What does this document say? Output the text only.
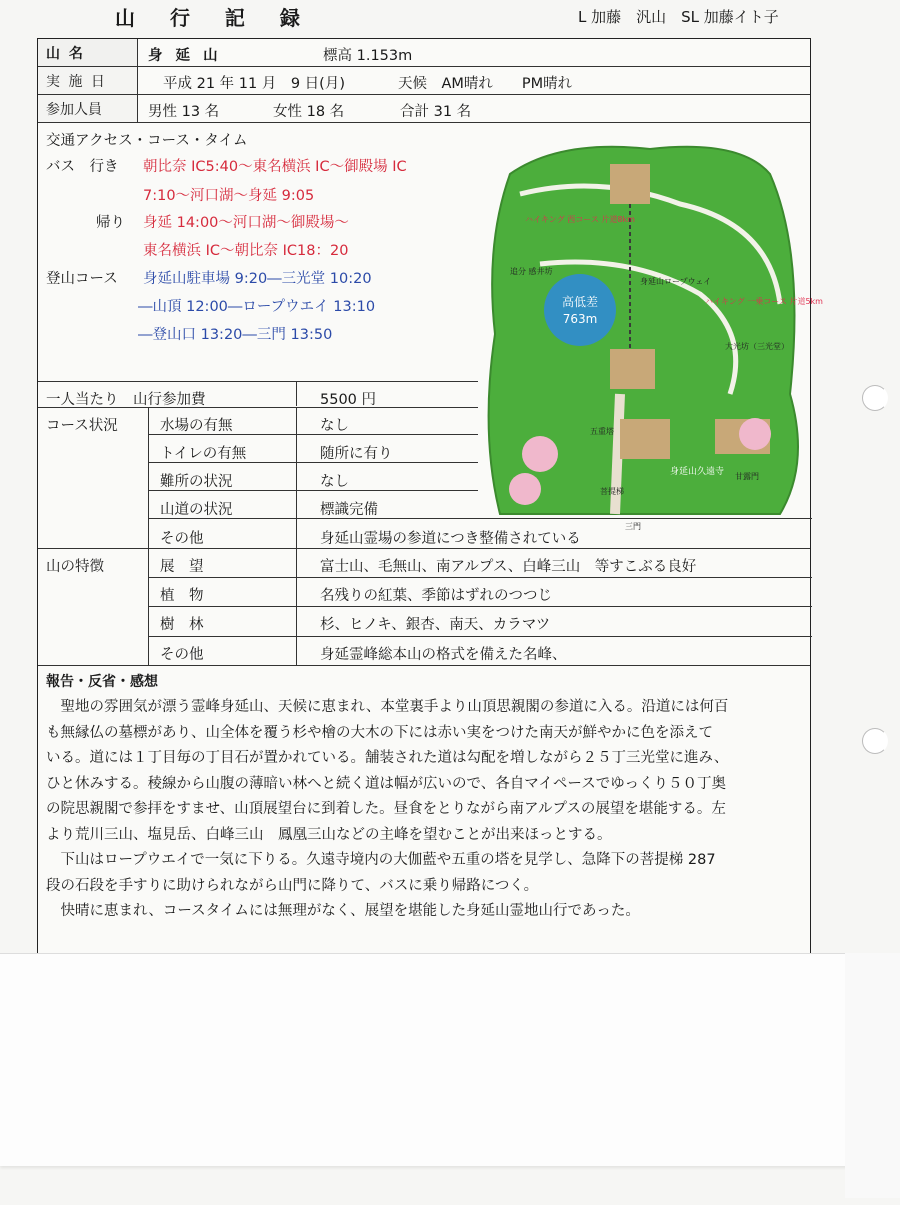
山 行 記 録	L 加藤　汎山　SL 加藤イト子
山 名	身 延 山	標高 1.153m
実 施 日	平成 21 年 11 月　9 日(月)	天候　AM晴れ　　PM晴れ
参加人員	男性 13 名	女性 18 名	合計 31 名
交通アクセス・コース・タイム
バス　行き 朝比奈 IC5:40～東名横浜 IC～御殿場 IC
7:10～河口湖～身延 9:05
帰り 身延 14:00～河口湖～御殿場～
東名横浜 IC～朝比奈 IC18：20
登山コース 身延山駐車場 9:20―三光堂 10:20
―山頂 12:00―ロープウエイ 13:10
―登山口 13:20―三門 13:50
高低差
763m
ハイキング 西コース 片道8km
ハイキング 一乗コース 片道5km
身延山ロープウェイ
身延山久遠寺
三門
五重塔
大光坊（三光堂）
追分 感井坊
菩提梯
甘露門
一人当たり　山行参加費	5500 円
コース状況	水場の有無	なし
トイレの有無	随所に有り
難所の状況	なし
山道の状況	標識完備
その他	身延山霊場の参道につき整備されている
山の特徴	展　望	富士山、毛無山、南アルプス、白峰三山　等すこぶる良好
植　物	名残りの紅葉、季節はずれのつつじ
樹　林	杉、ヒノキ、銀杏、南天、カラマツ
その他	身延霊峰総本山の格式を備えた名峰、
報告・反省・感想

聖地の雰囲気が漂う霊峰身延山、天候に恵まれ、本堂裏手より山頂思親閣の参道に入る。沿道には何百

も無縁仏の墓標があり、山全体を覆う杉や檜の大木の下には赤い実をつけた南天が鮮やかに色を添えて
いる。道には１丁目毎の丁目石が置かれている。舗装された道は勾配を増しながら２５丁三光堂に進み、
ひと休みする。稜線から山腹の薄暗い林へと続く道は幅が広いので、各自マイペースでゆっくり５０丁奥
の院思親閣で参拝をすませ、山頂展望台に到着した。昼食をとりながら南アルプスの展望を堪能する。左
より荒川三山、塩見岳、白峰三山　鳳凰三山などの主峰を望むことが出来ほっとする。

下山はロープウエイで一気に下りる。久遠寺境内の大伽藍や五重の塔を見学し、急降下の菩提梯 287

段の石段を手すりに助けられながら山門に降りて、バスに乗り帰路につく。

快晴に恵まれ、コースタイムには無理がなく、展望を堪能した身延山霊地山行であった。
